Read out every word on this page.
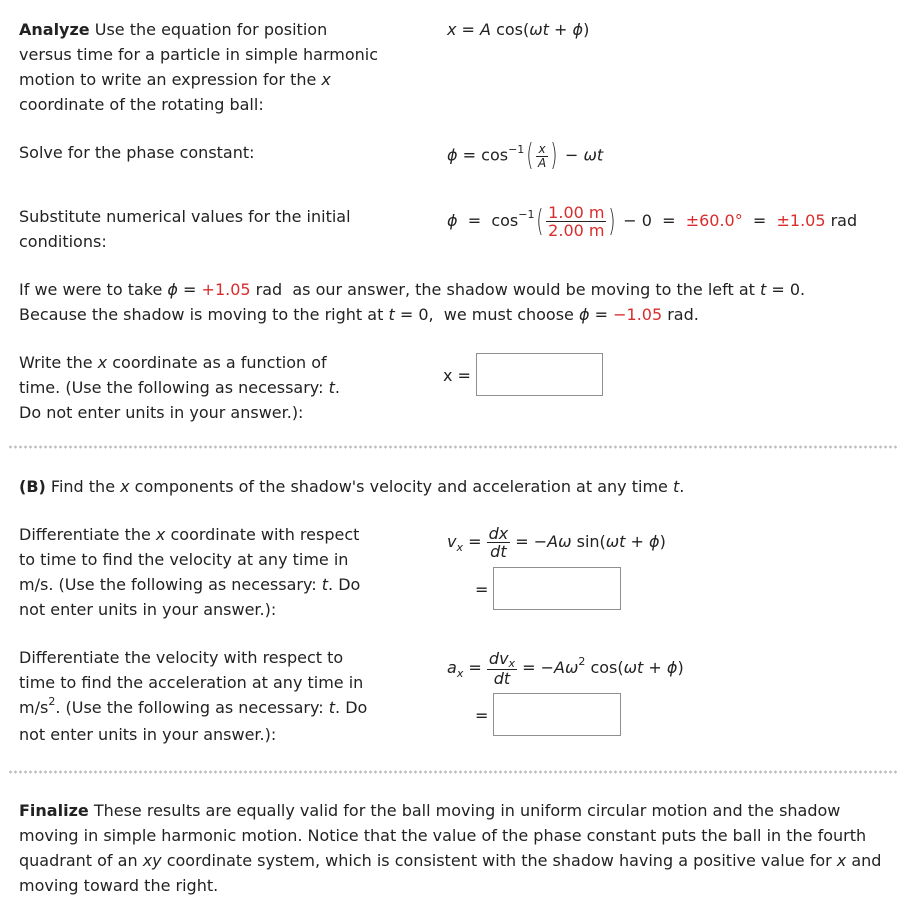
Analyze Use the equation for position versus time for a particle in simple harmonic motion to write an expression for the x coordinate of the rotating ball:
x = A cos(ωt + ϕ)
Solve for the phase constant:	$\phi = \cos^{-1}( \frac{x}{A}$ ) − ωt
Substitute numerical values for the initial conditions:
$\phi = \cos^{-1}( \frac{1.00 m}{2.00 m}$ ) − 0  =  ±60.0°  =  ±1.05 rad
If we were to take ϕ = +1.05 rad  as our answer, the shadow would be moving to the left at t = 0.
Because the shadow is moving to the right at t = 0,  we must choose ϕ = −1.05 rad.
Write the x coordinate as a function of time. (Use the following as necessary: t. Do not enter units in your answer.):
x =
(B) Find the x components of the shadow's velocity and acceleration at any time t.
Differentiate the x coordinate with respect to time to find the velocity at any time in m/s. (Use the following as necessary: t. Do not enter units in your answer.):
$v_x = \frac{dx}{dt} = -A\omega$ sin(ωt + ϕ)
=
Differentiate the velocity with respect to time to find the acceleration at any time in $m/s^2$. (Use the following as necessary: t. Do not enter units in your answer.):
$a_x = \frac{\text{dvx}}{dt} = -A\omega^2$ cos(ωt + ϕ)
=
Finalize These results are equally valid for the ball moving in uniform circular motion and the shadow moving in simple harmonic motion. Notice that the value of the phase constant puts the ball in the fourth quadrant of an xy coordinate system, which is consistent with the shadow having a positive value for x and moving toward the right.
